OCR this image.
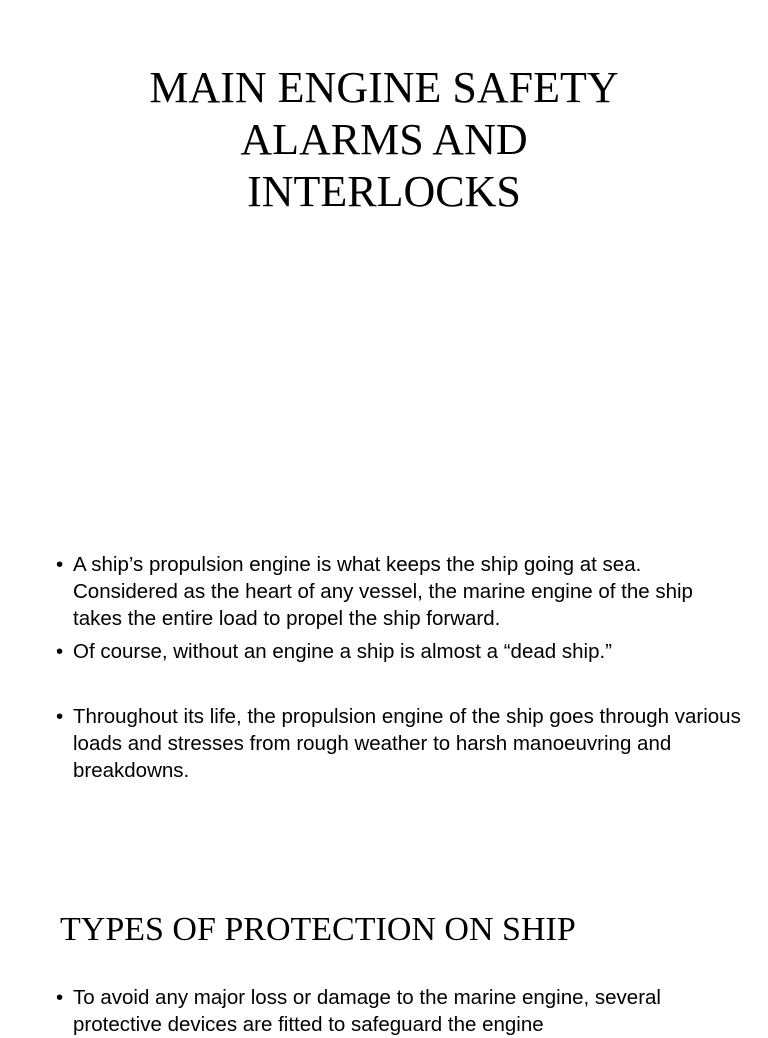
MAIN ENGINE SAFETY
ALARMS AND
INTERLOCKS
• A ship’s propulsion engine is what keeps the ship going at sea. Considered as the heart of any vessel, the marine engine of the ship takes the entire load to propel the ship forward.
• Of course, without an engine a ship is almost a “dead ship.”
• Throughout its life, the propulsion engine of the ship goes through various loads and stresses from rough weather to harsh manoeuvring and breakdowns.
TYPES OF PROTECTION ON SHIP
• To avoid any major loss or damage to the marine engine, several protective devices are fitted to safeguard the engine
